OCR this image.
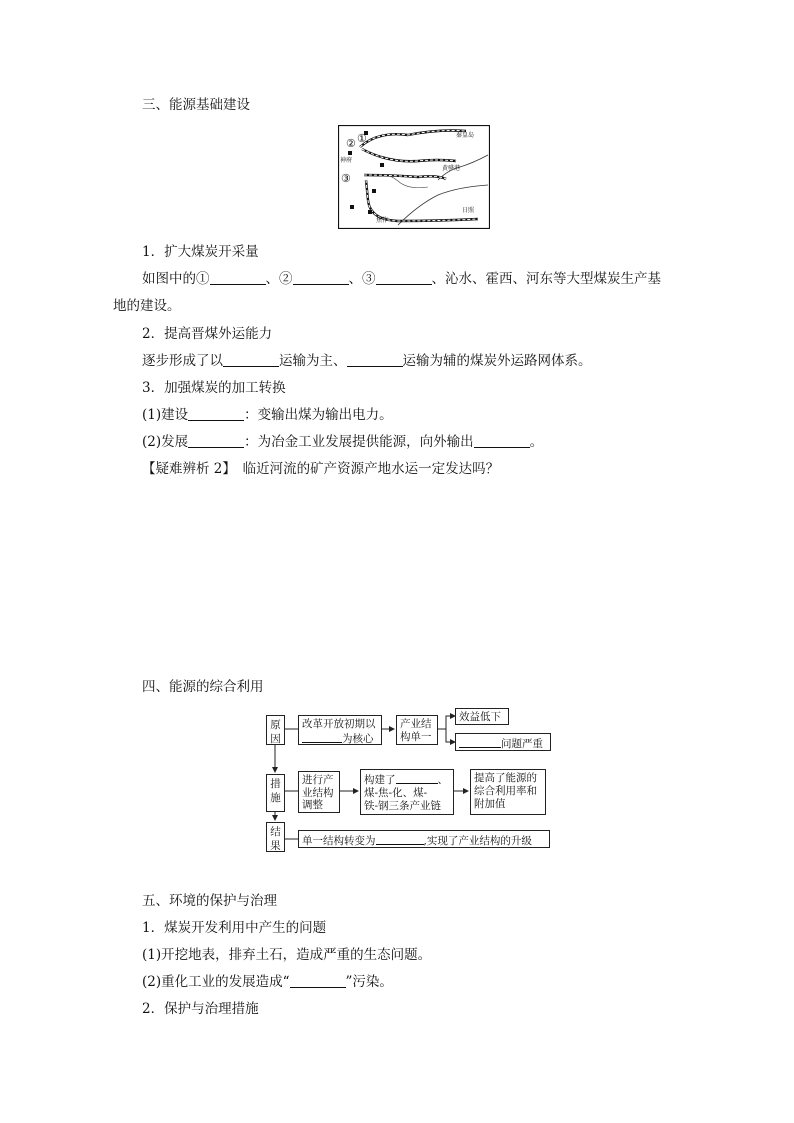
三、能源基础建设
② ①
③
秦皇岛
神府
黄骅港
焦作
日照
1．扩大煤炭开采量
如图中的①	、②	、③	、沁水、霍西、河东等大型煤炭生产基
地的建设。
2．提高晋煤外运能力
逐步形成了以	运输为主、	运输为辅的煤炭外运路网体系。
3．加强煤炭的加工转换
(1)建设	：变输出煤为输出电力。
(2)发展	：为冶金工业发展提供能源，向外输出	。
【疑难辨析 2】　临近河流的矿产资源产地水运一定发达吗？
四、能源的综合利用
原因
改革开放初期以
为核心
产业结构单一
效益低下
问题严重
措施
进行产业结构调整
构建了	、
煤-焦-化、煤-
铁-钢三条产业链
提高了能源的综合利用率和附加值
结果	单一结构转变为	,实现了产业结构的升级
五、环境的保护与治理
1．煤炭开发利用中产生的问题
(1)开挖地表，排弃土石，造成严重的生态问题。
(2)重化工业的发展造成“	”污染。
2．保护与治理措施
